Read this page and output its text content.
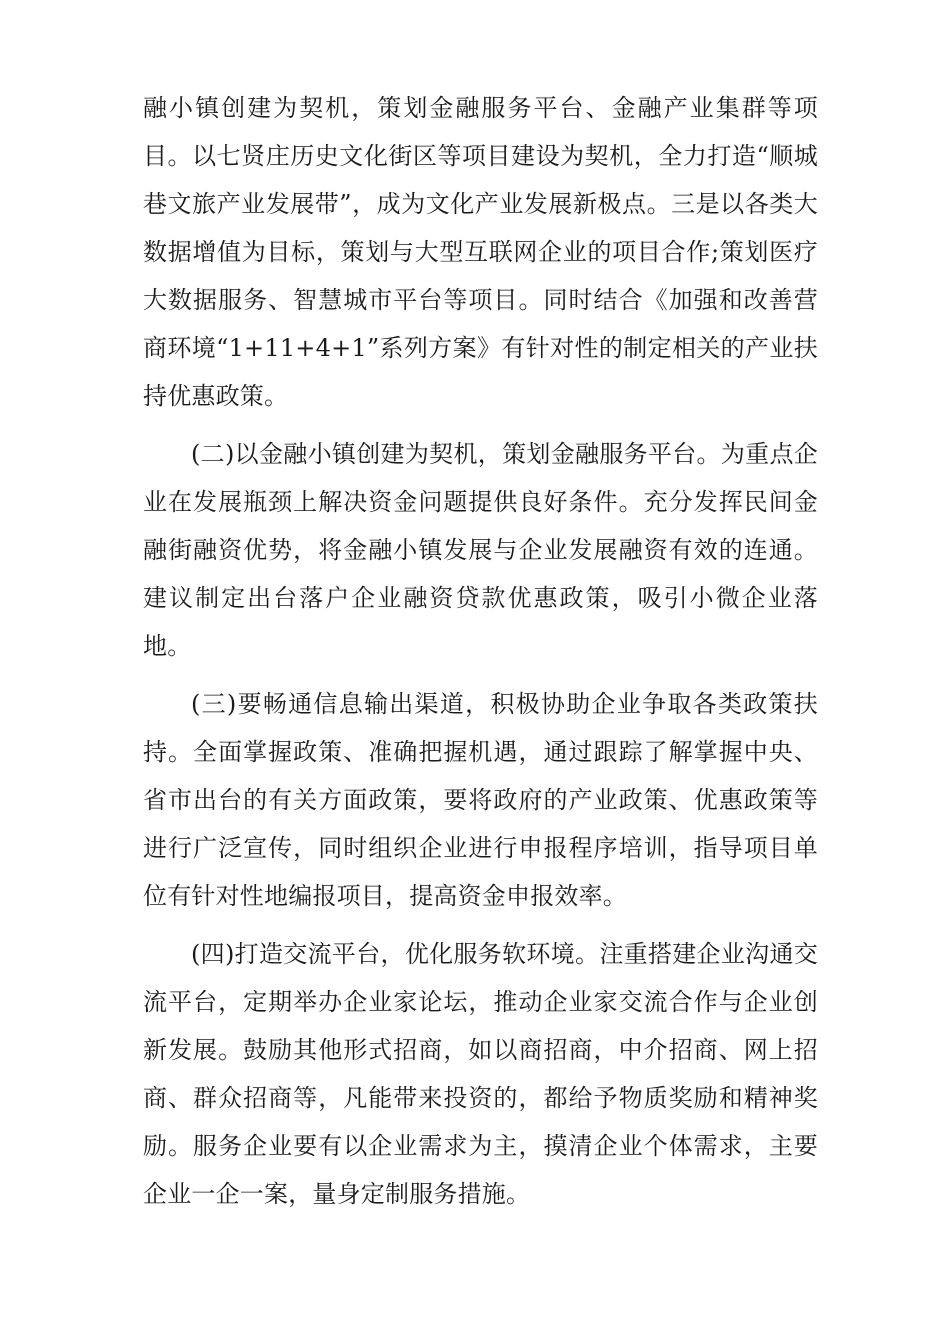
融小镇创建为契机，策划金融服务平台、金融产业集群等项目。以七贤庄历史文化街区等项目建设为契机，全力打造“顺城巷文旅产业发展带”，成为文化产业发展新极点。三是以各类大数据增值为目标，策划与大型互联网企业的项目合作;策划医疗大数据服务、智慧城市平台等项目。同时结合《加强和改善营商环境“1+11+4+1”系列方案》有针对性的制定相关的产业扶持优惠政策。

(二)以金融小镇创建为契机，策划金融服务平台。为重点企业在发展瓶颈上解决资金问题提供良好条件。充分发挥民间金融街融资优势，将金融小镇发展与企业发展融资有效的连通。建议制定出台落户企业融资贷款优惠政策，吸引小微企业落地。

(三)要畅通信息输出渠道，积极协助企业争取各类政策扶持。全面掌握政策、准确把握机遇，通过跟踪了解掌握中央、省市出台的有关方面政策，要将政府的产业政策、优惠政策等进行广泛宣传，同时组织企业进行申报程序培训，指导项目单位有针对性地编报项目，提高资金申报效率。

(四)打造交流平台，优化服务软环境。注重搭建企业沟通交流平台，定期举办企业家论坛，推动企业家交流合作与企业创新发展。鼓励其他形式招商，如以商招商，中介招商、网上招商、群众招商等，凡能带来投资的，都给予物质奖励和精神奖励。服务企业要有以企业需求为主，摸清企业个体需求，主要企业一企一案，量身定制服务措施。
